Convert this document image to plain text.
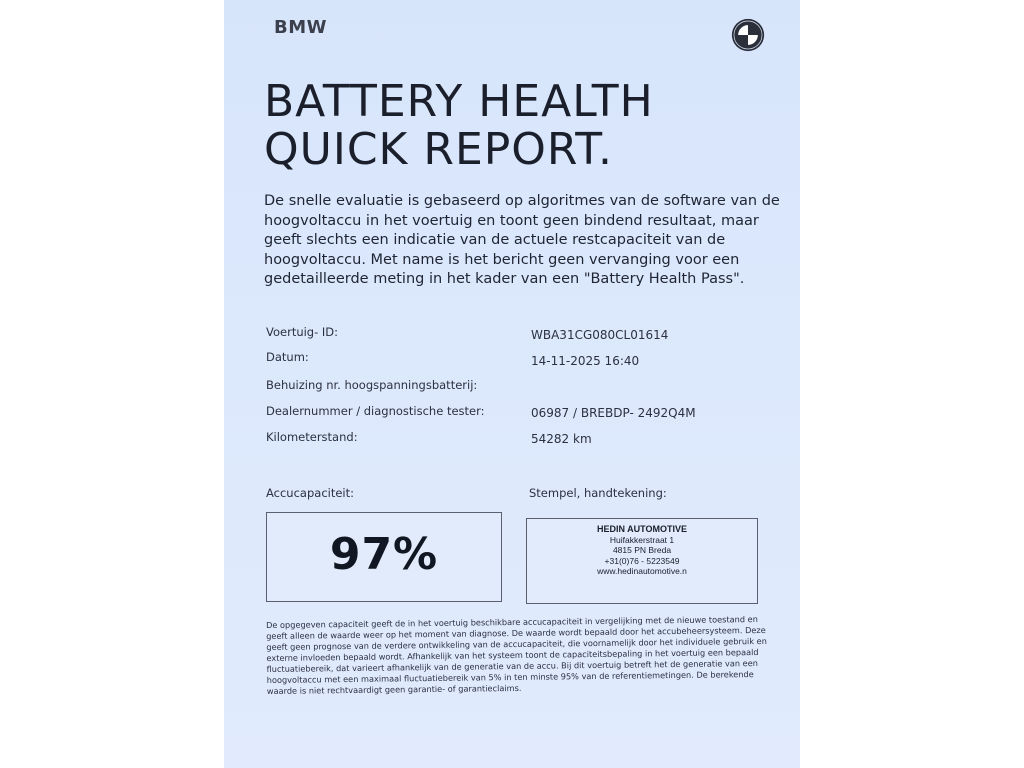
BMW
BATTERY HEALTH
QUICK REPORT.
De snelle evaluatie is gebaseerd op algoritmes van de software van de hoogvoltaccu in het voertuig en toont geen bindend resultaat, maar geeft slechts een indicatie van de actuele restcapaciteit van de hoogvoltaccu. Met name is het bericht geen vervanging voor een gedetailleerde meting in het kader van een "Battery Health Pass".
Voertuig- ID:	WBA31CG080CL01614
Datum:	14-11-2025 16:40
Behuizing nr. hoogspanningsbatterij:
Dealernummer / diagnostische tester:	06987 / BREBDP- 2492Q4M
Kilometerstand:	54282 km
Accucapaciteit:	Stempel, handtekening:
97%	HEDIN AUTOMOTIVE
Huifakkerstraat 1
4815 PN Breda
+31(0)76 - 5223549
www.hedinautomotive.n
De opgegeven capaciteit geeft de in het voertuig beschikbare accucapaciteit in vergelijking met de nieuwe toestand en geeft alleen de waarde weer op het moment van diagnose. De waarde wordt bepaald door het accubeheersysteem. Deze geeft geen prognose van de verdere ontwikkeling van de accucapaciteit, die voornamelijk door het individuele gebruik en externe invloeden bepaald wordt. Afhankelijk van het systeem toont de capaciteitsbepaling in het voertuig een bepaald fluctuatiebereik, dat varieert afhankelijk van de generatie van de accu. Bij dit voertuig betreft het de generatie van een hoogvoltaccu met een maximaal fluctuatiebereik van 5% in ten minste 95% van de referentiemetingen. De berekende waarde is niet rechtvaardigt geen garantie- of garantieclaims.
